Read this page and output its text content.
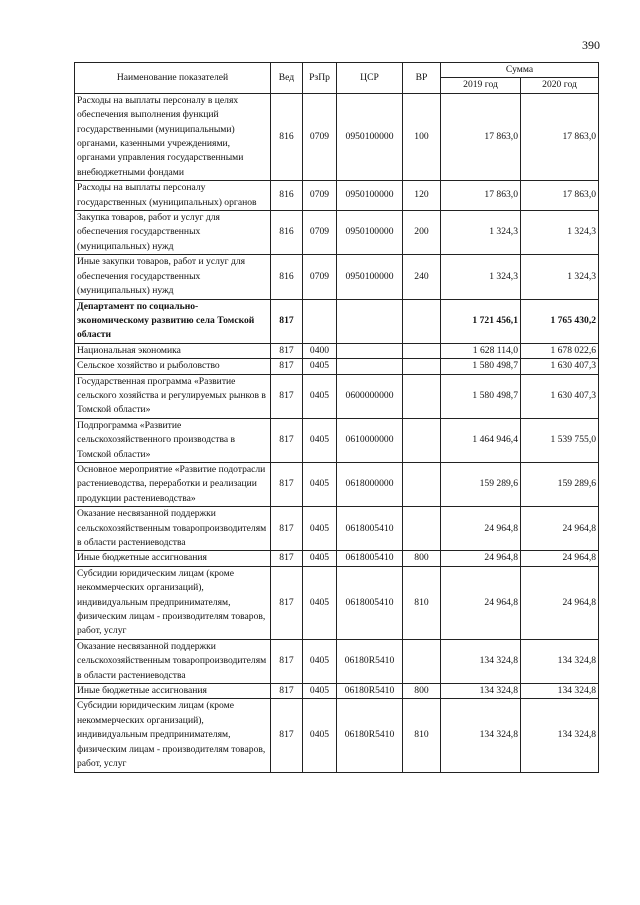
390
Наименование показателей	Вед	РзПр	ЦСР	ВР	Сумма	
					2019 год	2020 год
Расходы на выплаты персоналу в целях обеспечения выполнения функций государственными (муниципальными) органами, казенными учреждениями, органами управления государственными внебюджетными фондами	816	0709	0950100000	100	17 863,0	17 863,0
Расходы на выплаты персоналу государственных (муниципальных) органов	816	0709	0950100000	120	17 863,0	17 863,0
Закупка товаров, работ и услуг для обеспечения государственных (муниципальных) нужд	816	0709	0950100000	200	1 324,3	1 324,3
Иные закупки товаров, работ и услуг для обеспечения государственных (муниципальных) нужд	816	0709	0950100000	240	1 324,3	1 324,3
Департамент по социально-экономическому развитию села Томской области	817				1 721 456,1	1 765 430,2
Национальная экономика	817	0400			1 628 114,0	1 678 022,6
Сельское хозяйство и рыболовство	817	0405			1 580 498,7	1 630 407,3
Государственная программа «Развитие сельского хозяйства и регулируемых рынков в Томской области»	817	0405	0600000000		1 580 498,7	1 630 407,3
Подпрограмма «Развитие сельскохозяйственного производства в Томской области»	817	0405	0610000000		1 464 946,4	1 539 755,0
Основное мероприятие «Развитие подотрасли растениеводства, переработки и реализации продукции растениеводства»	817	0405	0618000000		159 289,6	159 289,6
Оказание несвязанной поддержки сельскохозяйственным товаропроизводителям в области растениеводства	817	0405	0618005410		24 964,8	24 964,8
Иные бюджетные ассигнования	817	0405	0618005410	800	24 964,8	24 964,8
Субсидии юридическим лицам (кроме некоммерческих организаций), индивидуальным предпринимателям, физическим лицам - производителям товаров, работ, услуг	817	0405	0618005410	810	24 964,8	24 964,8
Оказание несвязанной поддержки сельскохозяйственным товаропроизводителям в области растениеводства	817	0405	06180R5410		134 324,8	134 324,8
Иные бюджетные ассигнования	817	0405	06180R5410	800	134 324,8	134 324,8
Субсидии юридическим лицам (кроме некоммерческих организаций), индивидуальным предпринимателям, физическим лицам - производителям товаров, работ, услуг	817	0405	06180R5410	810	134 324,8	134 324,8
